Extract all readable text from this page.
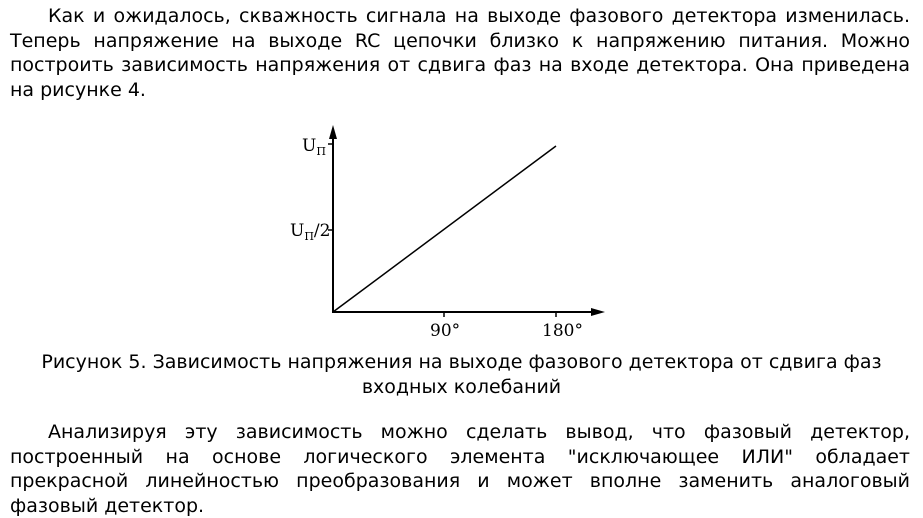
Как и ожидалось, скважность сигнала на выходе фазового детектора изменилась. Теперь напряжение на выходе RC цепочки близко к напряжению питания. Можно построить зависимость напряжения от сдвига фаз на входе детектора. Она приведена на рисунке 4.

$U_П$
$U_П/2$
90°	180°

Рисунок 5. Зависимость напряжения на выходе фазового детектора от сдвига фаз входных колебаний

Анализируя эту зависимость можно сделать вывод, что фазовый детектор, построенный на основе логического элемента "исключающее ИЛИ" обладает прекрасной линейностью преобразования и может вполне заменить аналоговый фазовый детектор.
